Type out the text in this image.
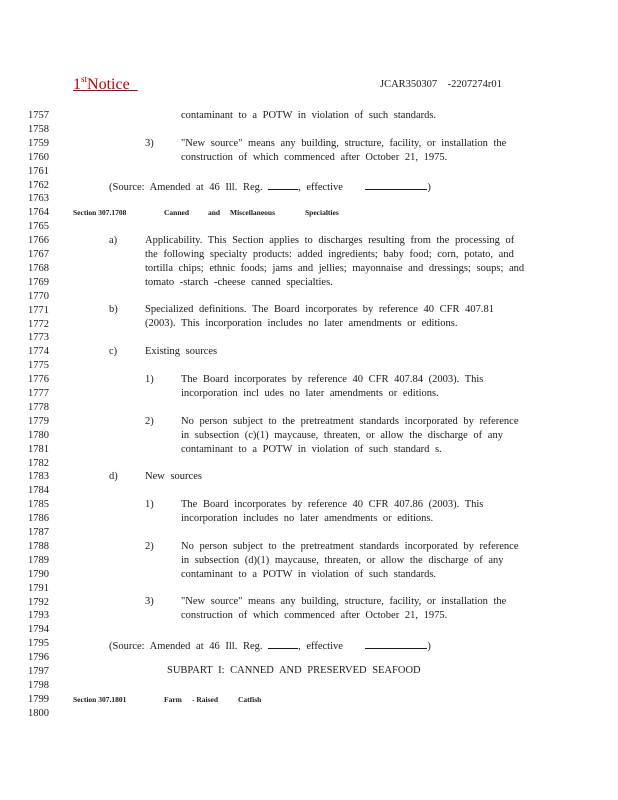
1stNotice	JCAR350307    -2207274r01
1757
1758
1759
1760
1761
1762
1763
1764
1765
1766
1767
1768
1769
1770
1771
1772
1773
1774
1775
1776
1777
1778
1779
1780
1781
1782
1783
1784
1785
1786
1787
1788
1789
1790
1791
1792
1793
1794
1795
1796
1797
1798
1799
1800
contaminant to a POTW in violation of such standards.
3)	"New source" means any building, structure, facility, or installation the
construction of which commenced after October 21, 1975.
(Source: Amended at 46 Ill. Reg.	, effective	)
Section 307.1708	Canned	and Miscellaneous	Specialties
a)	Applicability. This Section applies to discharges resulting from the processing of
the following specialty products: added ingredients; baby food; corn, potato, and
tortilla chips; ethnic foods; jams and jellies; mayonnaise and dressings; soups; and
tomato -starch -cheese canned specialties.
b)	Specialized definitions. The Board incorporates by reference 40 CFR 407.81
(2003). This incorporation includes no later amendments or editions.
c)	Existing sources
1)	The Board incorporates by reference 40 CFR 407.84 (2003). This
incorporation incl udes no later amendments or editions.
2)	No person subject to the pretreatment standards incorporated by reference
in subsection (c)(1) maycause, threaten, or allow the discharge of any
contaminant to a POTW in violation of such standard s.
d)	New sources
1)	The Board incorporates by reference 40 CFR 407.86 (2003). This
incorporation includes no later amendments or editions.
2)	No person subject to the pretreatment standards incorporated by reference
in subsection (d)(1) maycause, threaten, or allow the discharge of any
contaminant to a POTW in violation of such standards.
3)	"New source" means any building, structure, facility, or installation the
construction of which commenced after October 21, 1975.
(Source: Amended at 46 Ill. Reg.	, effective	)
SUBPART I: CANNED AND PRESERVED SEAFOOD
Section 307.1801	Farm - Raised	Catfish
